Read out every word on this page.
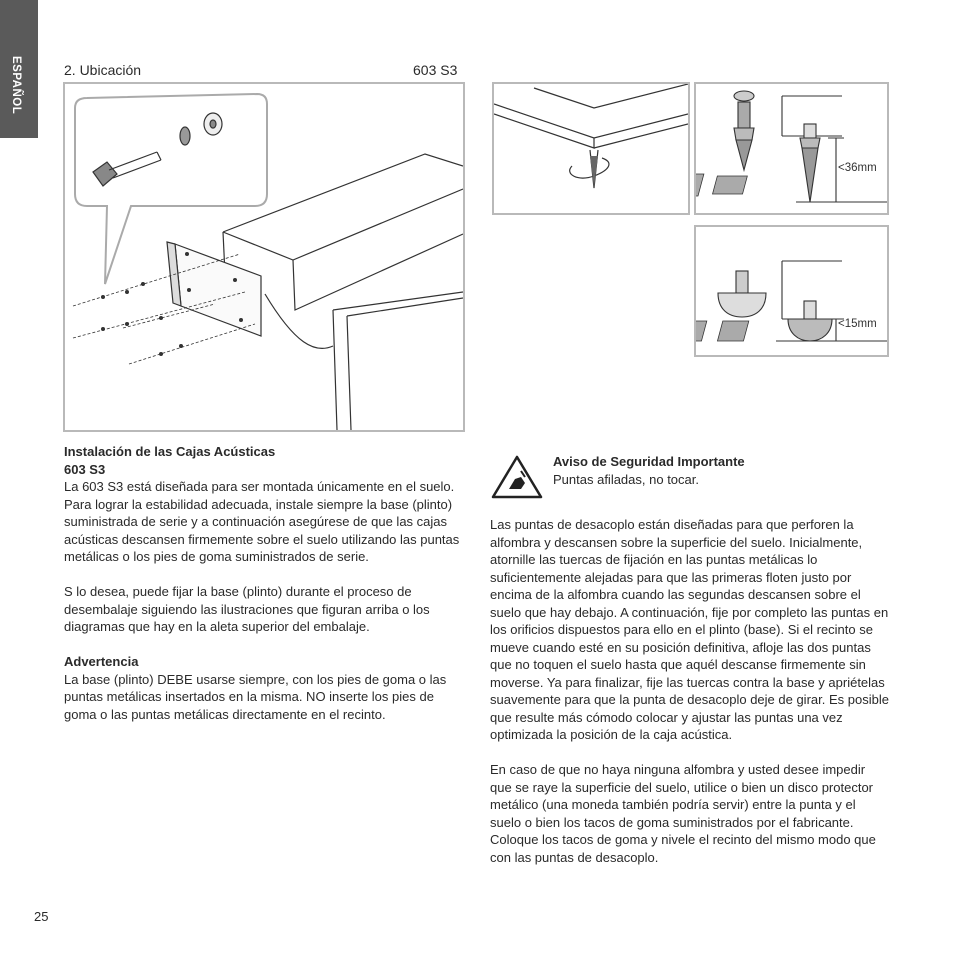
ESPAÑOL	2. Ubicación	603 S3
<36mm
<15mm
Instalación de las Cajas Acústicas
603 S3

La 603 S3 está diseñada para ser montada únicamente en el suelo. Para lograr la estabilidad adecuada, instale siempre la base (plinto) suministrada de serie y a continuación asegúrese de que las cajas acústicas descansen firmemente sobre el suelo utilizando las puntas metálicas o los pies de goma suministrados de serie.

S lo desea, puede fijar la base (plinto) durante el proceso de desembalaje siguiendo las ilustraciones que figuran arriba o los diagramas que hay en la aleta superior del embalaje.

Advertencia

La base (plinto) DEBE usarse siempre, con los pies de goma o las puntas metálicas insertados en la misma. NO inserte los pies de goma o las puntas metálicas directamente en el recinto.

Aviso de Seguridad Importante
Puntas afiladas, no tocar.

Las puntas de desacoplo están diseñadas para que perforen la alfombra y descansen sobre la superficie del suelo. Inicialmente, atornille las tuercas de fijación en las puntas metálicas lo suficientemente alejadas para que las primeras floten justo por encima de la alfombra cuando las segundas descansen sobre el suelo que hay debajo. A continuación, fije por completo las puntas en los orificios dispuestos para ello en el plinto (base). Si el recinto se mueve cuando esté en su posición definitiva, afloje las dos puntas que no toquen el suelo hasta que aquél descanse firmemente sin moverse. Ya para finalizar, fije las tuercas contra la base y apriételas suavemente para que la punta de desacoplo deje de girar. Es posible que resulte más cómodo colocar y ajustar las puntas una vez optimizada la posición de la caja acústica.

En caso de que no haya ninguna alfombra y usted desee impedir que se raye la superficie del suelo, utilice o bien un disco protector metálico (una moneda también podría servir) entre la punta y el suelo o bien los tacos de goma suministrados por el fabricante. Coloque los tacos de goma y nivele el recinto del mismo modo que con las puntas de desacoplo.

25
